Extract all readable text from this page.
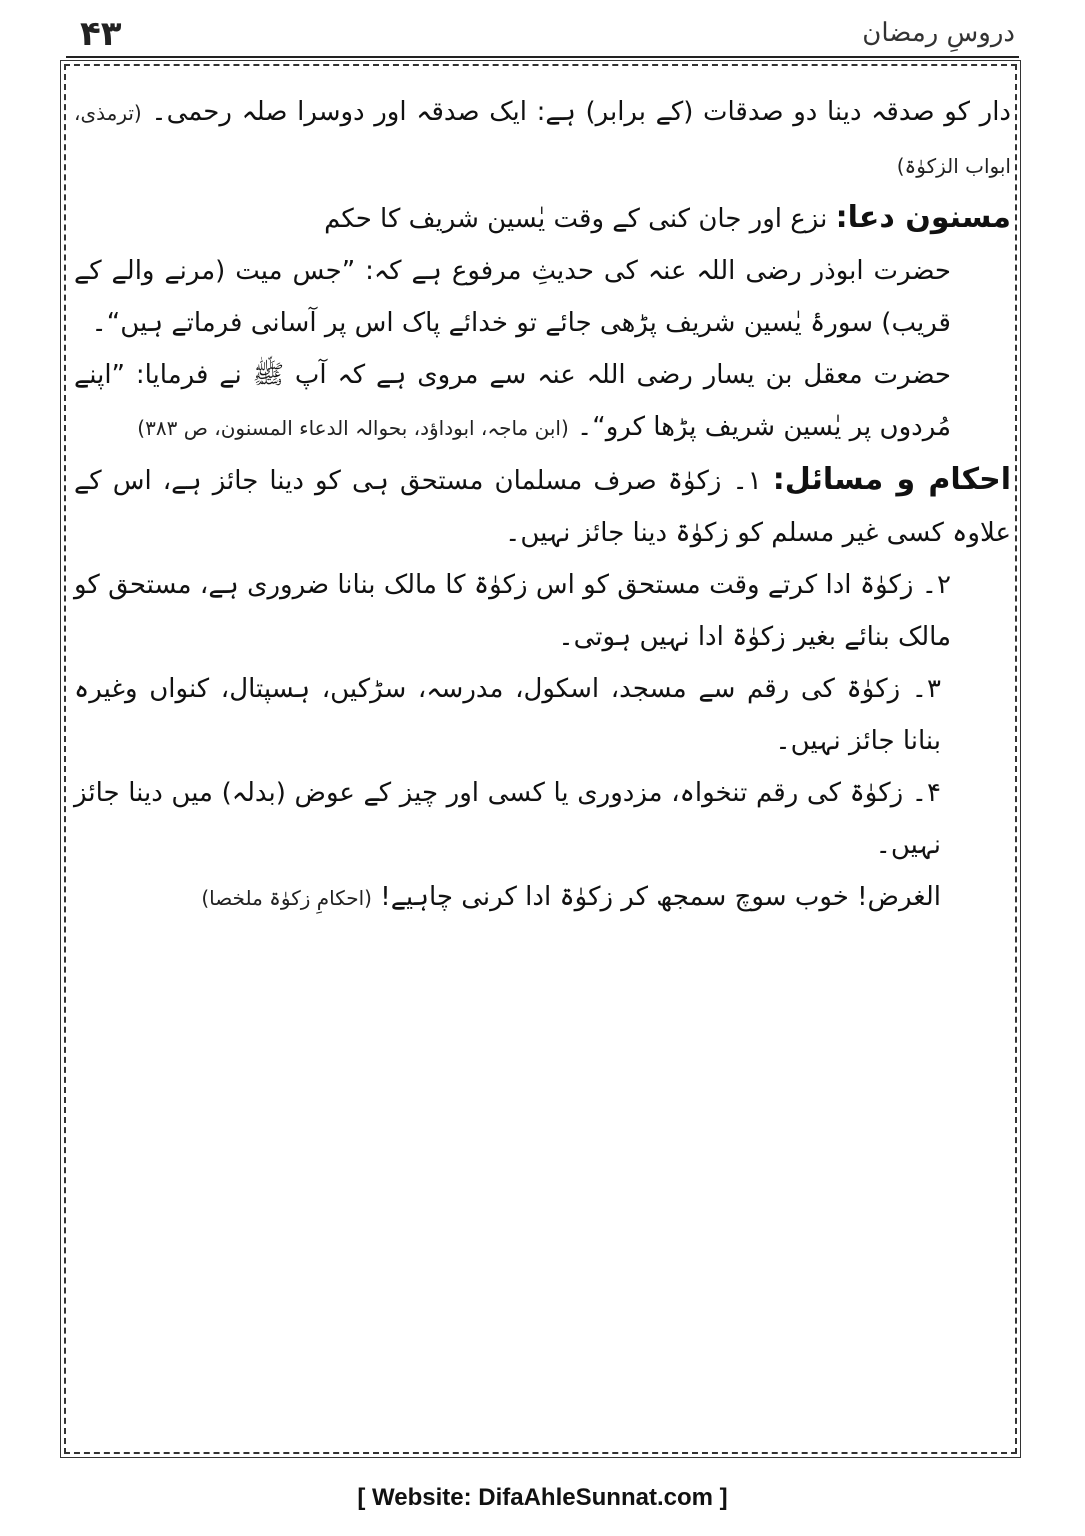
۴۳	دروسِ رمضان

دار کو صدقہ دینا دو صدقات (کے برابر) ہے: ایک صدقہ اور دوسرا صلہ رحمی۔ (ترمذی، ابواب الزکوٰۃ)

مسنون دعا: نزع اور جان کنی کے وقت یٰسین شریف کا حکم

حضرت ابوذر رضی اللہ عنہ کی حدیثِ مرفوع ہے کہ: ”جس میت (مرنے والے کے قریب) سورۂ یٰسین شریف پڑھی جائے تو خدائے پاک اس پر آسانی فرماتے ہیں“۔

حضرت معقل بن یسار رضی اللہ عنہ سے مروی ہے کہ آپ ﷺ نے فرمایا: ”اپنے مُردوں پر یٰسین شریف پڑھا کرو“۔ (ابن ماجہ، ابوداؤد، بحوالہ الدعاء المسنون، ص ۳۸۳)

احکام و مسائل: ۱۔ زکوٰۃ صرف مسلمان مستحق ہی کو دینا جائز ہے، اس کے علاوہ کسی غیر مسلم کو زکوٰۃ دینا جائز نہیں۔

۲۔ زکوٰۃ ادا کرتے وقت مستحق کو اس زکوٰۃ کا مالک بنانا ضروری ہے، مستحق کو مالک بنائے بغیر زکوٰۃ ادا نہیں ہوتی۔

۳۔ زکوٰۃ کی رقم سے مسجد، اسکول، مدرسہ، سڑکیں، ہسپتال، کنواں وغیرہ بنانا جائز نہیں۔

۴۔ زکوٰۃ کی رقم تنخواہ، مزدوری یا کسی اور چیز کے عوض (بدلہ) میں دینا جائز نہیں۔

الغرض! خوب سوچ سمجھ کر زکوٰۃ ادا کرنی چاہیے! (احکامِ زکوٰۃ ملخصا)

[ Website: DifaAhleSunnat.com ]
